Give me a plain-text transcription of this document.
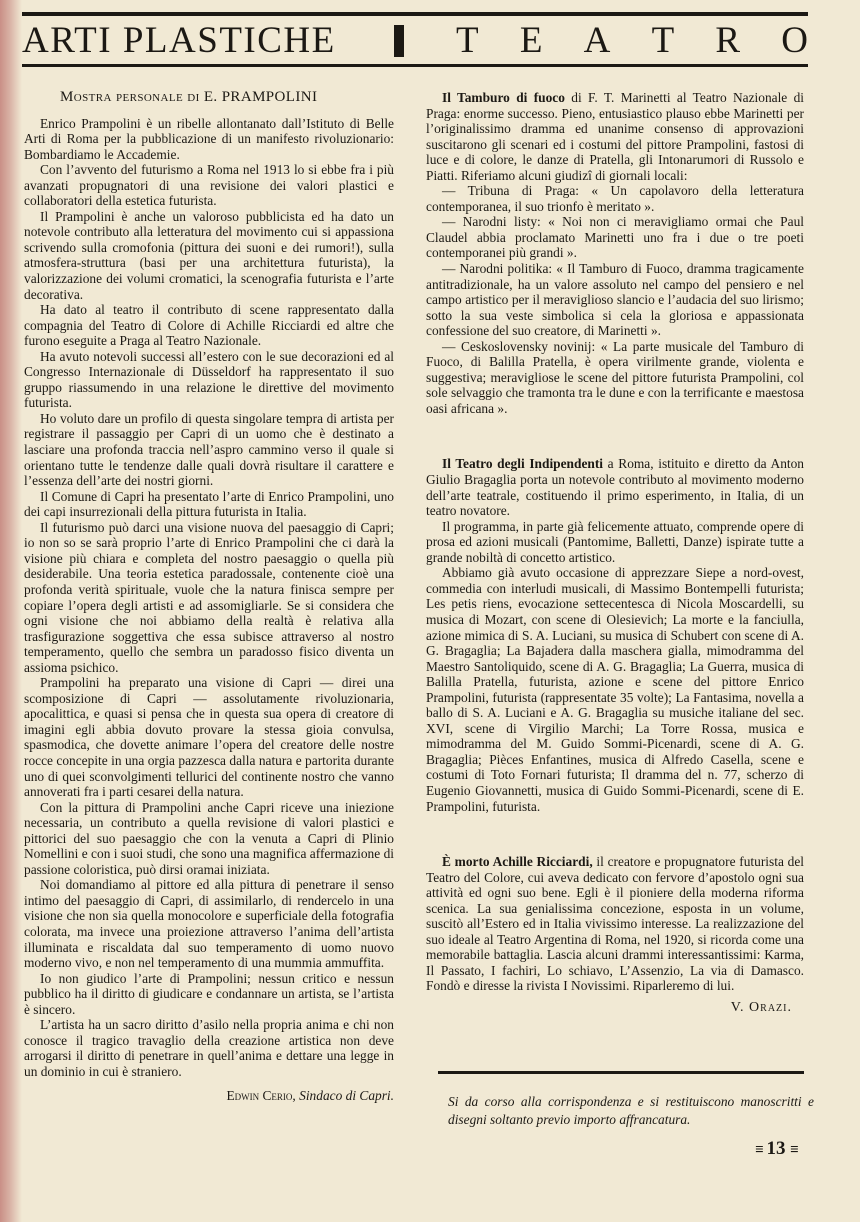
ARTI PLASTICHE	T E A T R O
Mostra personale di E. PRAMPOLINI

Enrico Prampolini è un ribelle allontanato dall’Istituto di Belle Arti di Roma per la pubblicazione di un manifesto rivoluzionario: Bombardiamo le Accademie.

Con l’avvento del futurismo a Roma nel 1913 lo si ebbe fra i più avanzati propugnatori di una revisione dei valori plastici e collaboratori della estetica futurista.

Il Prampolini è anche un valoroso pubblicista ed ha dato un notevole contributo alla letteratura del movimento cui si appassiona scrivendo sulla cromofonia (pittura dei suoni e dei rumori!), sulla atmosfera-struttura (basi per una architettura futurista), la valorizzazione dei volumi cromatici, la scenografia futurista e l’arte decorativa.

Ha dato al teatro il contributo di scene rappresentato dalla compagnia del Teatro di Colore di Achille Ricciardi ed altre che furono eseguite a Praga al Teatro Nazionale.

Ha avuto notevoli successi all’estero con le sue decorazioni ed al Congresso Internazionale di Düsseldorf ha rappresentato il suo gruppo riassumendo in una relazione le direttive del movimento futurista.

Ho voluto dare un profilo di questa singolare tempra di artista per registrare il passaggio per Capri di un uomo che è destinato a lasciare una profonda traccia nell’aspro cammino verso il quale si orientano tutte le tendenze dalle quali dovrà risultare il carattere e l’essenza dell’arte dei nostri giorni.

Il Comune di Capri ha presentato l’arte di Enrico Prampolini, uno dei capi insurrezionali della pittura futurista in Italia.

Il futurismo può darci una visione nuova del paesaggio di Capri; io non so se sarà proprio l’arte di Enrico Prampolini che ci darà la visione più chiara e completa del nostro paesaggio o quella più desiderabile. Una teoria estetica paradossale, contenente cioè una profonda verità spirituale, vuole che la natura finisca sempre per copiare l’opera degli artisti e ad assomigliarle. Se si considera che ogni visione che noi abbiamo della realtà è relativa alla trasfigurazione soggettiva che essa subisce attraverso al nostro temperamento, quello che sembra un paradosso fisico diventa un assioma psichico.

Prampolini ha preparato una visione di Capri — direi una scomposizione di Capri — assolutamente rivoluzionaria, apocalittica, e quasi si pensa che in questa sua opera di creatore di imagini egli abbia dovuto provare la stessa gioia convulsa, spasmodica, che dovette animare l’opera del creatore delle nostre rocce concepite in una orgia pazzesca dalla natura e partorita durante uno di quei sconvolgimenti tellurici del continente nostro che vanno annoverati fra i parti cesarei della natura.

Con la pittura di Prampolini anche Capri riceve una iniezione necessaria, un contributo a quella revisione di valori plastici e pittorici del suo paesaggio che con la venuta a Capri di Plinio Nomellini e con i suoi studi, che sono una magnifica affermazione di passione coloristica, può dirsi oramai iniziata.

Noi domandiamo al pittore ed alla pittura di penetrare il senso intimo del paesaggio di Capri, di assimilarlo, di rendercelo in una visione che non sia quella monocolore e superficiale della fotografia colorata, ma invece una proiezione attraverso l’anima dell’artista illuminata e riscaldata dal suo temperamento di uomo nuovo moderno vivo, e non nel temperamento di una mummia ammuffita.

Io non giudico l’arte di Prampolini; nessun critico e nessun pubblico ha il diritto di giudicare e condannare un artista, se l’artista è sincero.

L’artista ha un sacro diritto d’asilo nella propria anima e chi non conosce il tragico travaglio della creazione artistica non deve arrogarsi il diritto di penetrare in quell’anima e dettare una legge in un dominio in cui è straniero.

Edwin Cerio, Sindaco di Capri.

Il Tamburo di fuoco di F. T. Marinetti al Teatro Nazionale di Praga: enorme successo. Pieno, entusiastico plauso ebbe Marinetti per l’originalissimo dramma ed unanime consenso di approvazioni suscitarono gli scenari ed i costumi del pittore Prampolini, fastosi di luce e di colore, le danze di Pratella, gli Intonarumori di Russolo e Piatti. Riferiamo alcuni giudizî di giornali locali:

— Tribuna di Praga: « Un capolavoro della letteratura contemporanea, il suo trionfo è meritato ».

— Narodni listy: « Noi non ci meravigliamo ormai che Paul Claudel abbia proclamato Marinetti uno fra i due o tre poeti contemporanei più grandi ».

— Narodni politika: « Il Tamburo di Fuoco, dramma tragicamente antitradizionale, ha un valore assoluto nel campo del pensiero e nel campo artistico per il meraviglioso slancio e l’audacia del suo lirismo; sotto la sua veste simbolica si cela la gloriosa e appassionata confessione del suo creatore, di Marinetti ».

— Ceskoslovensky novinij: « La parte musicale del Tamburo di Fuoco, di Balilla Pratella, è opera virilmente grande, violenta e suggestiva; meravigliose le scene del pittore futurista Prampolini, col sole selvaggio che tramonta tra le dune e con la terrificante e maestosa oasi africana ».

Il Teatro degli Indipendenti a Roma, istituito e diretto da Anton Giulio Bragaglia porta un notevole contributo al movimento moderno dell’arte teatrale, costituendo il primo esperimento, in Italia, di un teatro novatore.

Il programma, in parte già felicemente attuato, comprende opere di prosa ed azioni musicali (Pantomime, Balletti, Danze) ispirate tutte a grande nobiltà di concetto artistico.

Abbiamo già avuto occasione di apprezzare Siepe a nord-ovest, commedia con interludi musicali, di Massimo Bontempelli futurista; Les petis riens, evocazione settecentesca di Nicola Moscardelli, su musica di Mozart, con scene di Olesievich; La morte e la fanciulla, azione mimica di S. A. Luciani, su musica di Schubert con scene di A. G. Bragaglia; La Bajadera dalla maschera gialla, mimodramma del Maestro Santoliquido, scene di A. G. Bragaglia; La Guerra, musica di Balilla Pratella, futurista, azione e scene del pittore Enrico Prampolini, futurista (rappresentate 35 volte); La Fantasima, novella a ballo di S. A. Luciani e A. G. Bragaglia su musiche italiane del sec. XVI, scene di Virgilio Marchi; La Torre Rossa, musica e mimodramma del M. Guido Sommi-Picenardi, scene di A. G. Bragaglia; Pièces Enfantines, musica di Alfredo Casella, scene e costumi di Toto Fornari futurista; Il dramma del n. 77, scherzo di Eugenio Giovannetti, musica di Guido Sommi-Picenardi, scene di E. Prampolini, futurista.

È morto Achille Ricciardi, il creatore e propugnatore futurista del Teatro del Colore, cui aveva dedicato con fervore d’apostolo ogni sua attività ed ogni suo bene. Egli è il pioniere della moderna riforma scenica. La sua genialissima concezione, esposta in un volume, suscitò all’Estero ed in Italia vivissimo interesse. La realizzazione del suo ideale al Teatro Argentina di Roma, nel 1920, si ricorda come una memorabile battaglia. Lascia alcuni drammi interessantissimi: Karma, Il Passato, I fachiri, Lo schiavo, L’Assenzio, La via di Damasco. Fondò e diresse la rivista I Novissimi. Riparleremo di lui.

V. Orazi.
Si da corso alla corrispondenza e si restituiscono manoscritti e disegni soltanto previo importo affrancatura.
≡ 13 ≡
